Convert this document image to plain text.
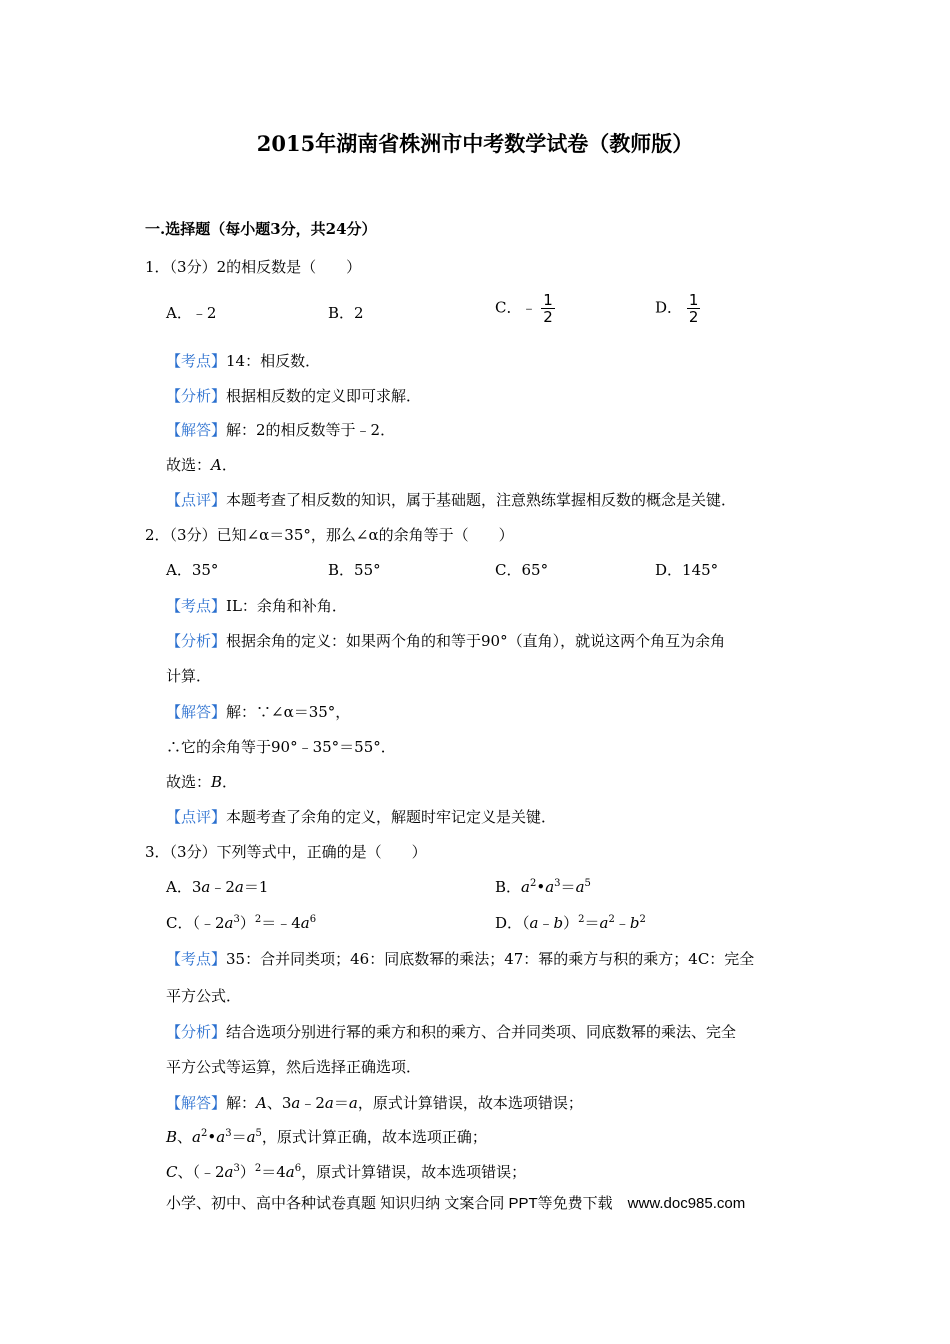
2015年湖南省株洲市中考数学试卷（教师版）
一.选择题（每小题3分，共24分）
1．（3分）2的相反数是（　　）
A．﹣2	B．2	C．﹣ $\frac{1}{2}$	D． $\frac{1}{2}$
【考点】14：相反数．
【分析】根据相反数的定义即可求解．
【解答】解：2的相反数等于﹣2．
故选：A．
【点评】本题考查了相反数的知识，属于基础题，注意熟练掌握相反数的概念是关键．
2．（3分）已知∠α＝35°，那么∠α的余角等于（　　）
A．35°	B．55°	C．65°	D．145°
【考点】IL：余角和补角．
【分析】根据余角的定义：如果两个角的和等于90°（直角），就说这两个角互为余角
计算．
【解答】解：∵∠α＝35°，
∴它的余角等于90°﹣35°＝55°．
故选：B．
【点评】本题考查了余角的定义，解题时牢记定义是关键．
3．（3分）下列等式中，正确的是（　　）
A．3a﹣2a＝1	B．$a^2•a^3=a^5$
C．$(﹣2a^3)^2=﹣4a^6$	D．$(a﹣b)^2=a^2﹣b^2$
【考点】35：合并同类项；46：同底数幂的乘法；47：幂的乘方与积的乘方；4C：完全
平方公式．
【分析】结合选项分别进行幂的乘方和积的乘方、合并同类项、同底数幂的乘法、完全
平方公式等运算，然后选择正确选项．
【解答】解：A、3a﹣2a＝a，原式计算错误，故本选项错误；
B、$a^2•a^3=a^5$，原式计算正确，故本选项正确；
C、$(﹣2a^3)^2=4a^6$，原式计算错误，故本选项错误；
小学、初中、高中各种试卷真题 知识归纳 文案合同 PPT等免费下载　www.doc985.com
